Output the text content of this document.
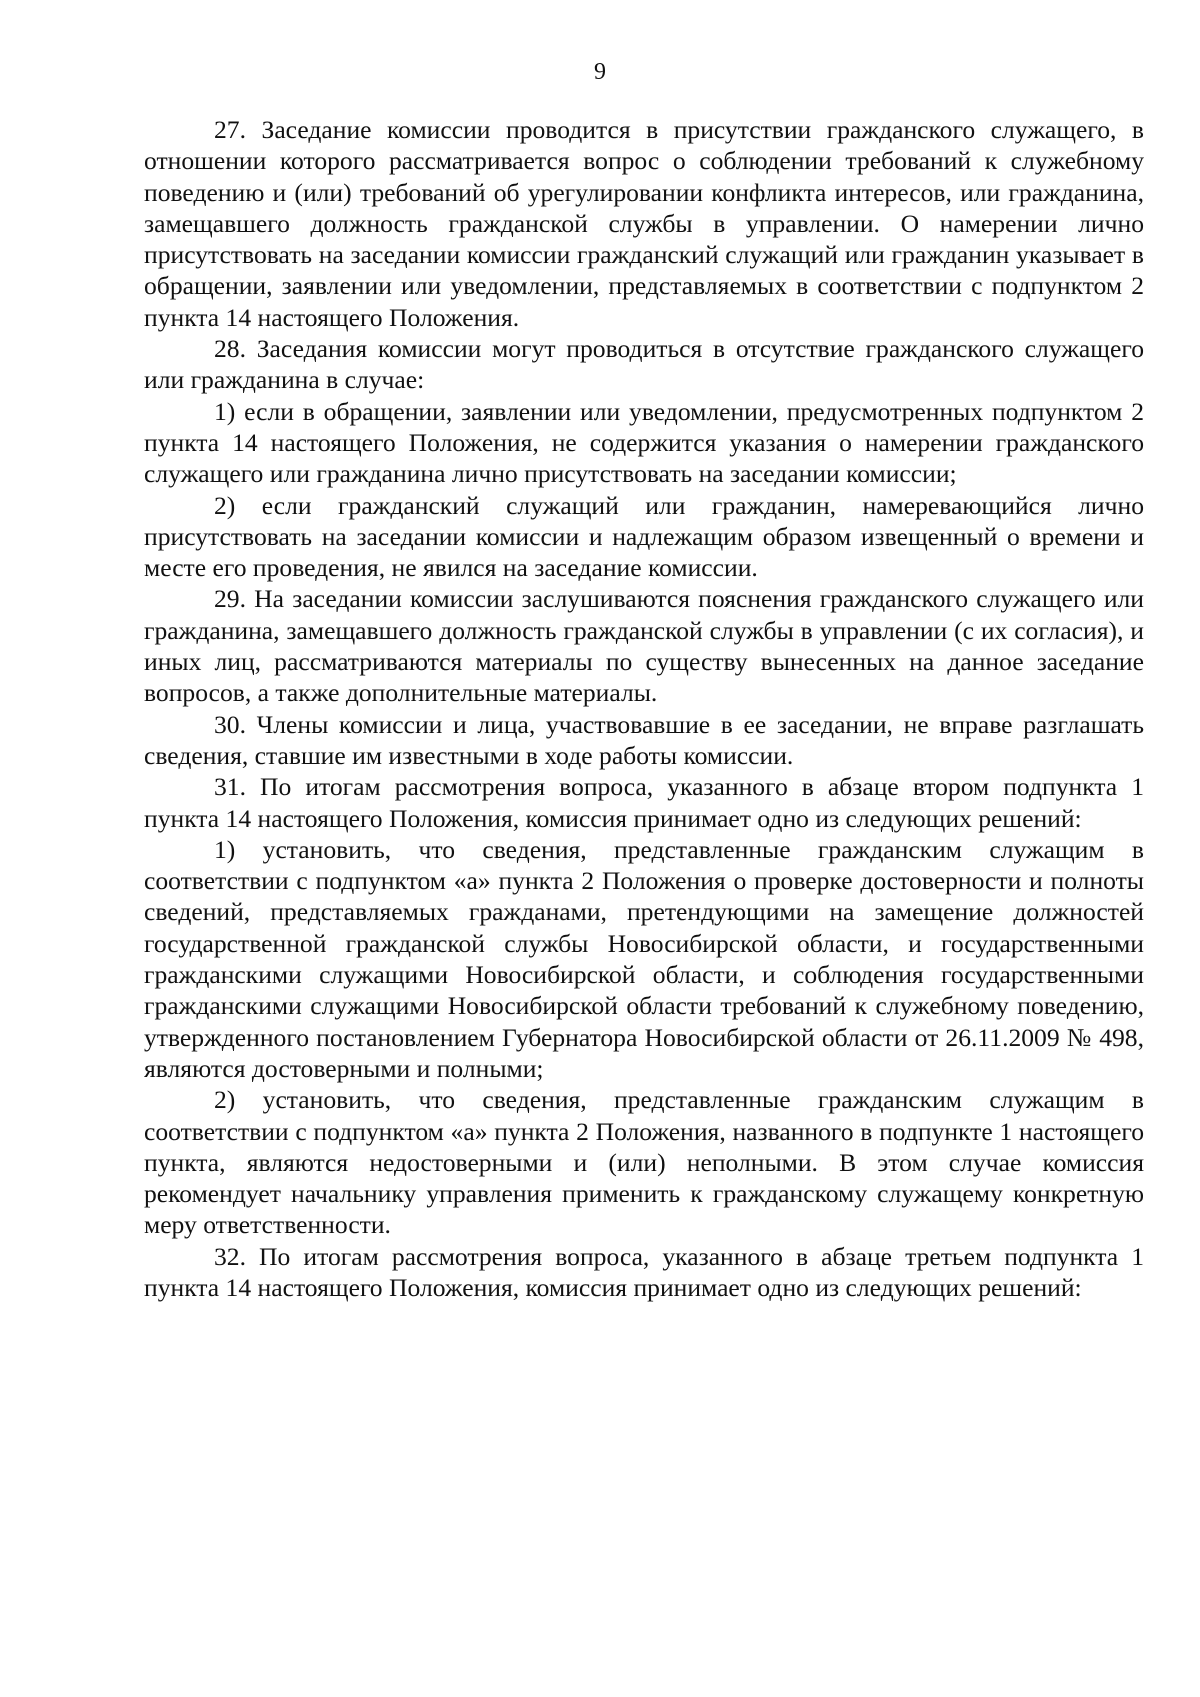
9

27. Заседание комиссии проводится в присутствии гражданского служащего, в отношении которого рассматривается вопрос о соблюдении требований к служебному поведению и (или) требований об урегулировании конфликта интересов, или гражданина, замещавшего должность гражданской службы в управлении. О намерении лично присутствовать на заседании комиссии гражданский служащий или гражданин указывает в обращении, заявлении или уведомлении, представляемых в соответствии с подпунктом 2 пункта 14 настоящего Положения.

28. Заседания комиссии могут проводиться в отсутствие гражданского служащего или гражданина в случае:

1) если в обращении, заявлении или уведомлении, предусмотренных подпунктом 2 пункта 14 настоящего Положения, не содержится указания о намерении гражданского служащего или гражданина лично присутствовать на заседании комиссии;

2) если гражданский служащий или гражданин, намеревающийся лично присутствовать на заседании комиссии и надлежащим образом извещенный о времени и месте его проведения, не явился на заседание комиссии.

29. На заседании комиссии заслушиваются пояснения гражданского служащего или гражданина, замещавшего должность гражданской службы в управлении (с их согласия), и иных лиц, рассматриваются материалы по существу вынесенных на данное заседание вопросов, а также дополнительные материалы.

30. Члены комиссии и лица, участвовавшие в ее заседании, не вправе разглашать сведения, ставшие им известными в ходе работы комиссии.

31. По итогам рассмотрения вопроса, указанного в абзаце втором подпункта 1 пункта 14 настоящего Положения, комиссия принимает одно из следующих решений:

1) установить, что сведения, представленные гражданским служащим в соответствии с подпунктом «а» пункта 2 Положения о проверке достоверности и полноты сведений, представляемых гражданами, претендующими на замещение должностей государственной гражданской службы Новосибирской области, и государственными гражданскими служащими Новосибирской области, и соблюдения государственными гражданскими служащими Новосибирской области требований к служебному поведению, утвержденного постановлением Губернатора Новосибирской области от 26.11.2009 № 498, являются достоверными и полными;

2) установить, что сведения, представленные гражданским служащим в соответствии с подпунктом «а» пункта 2 Положения, названного в подпункте 1 настоящего пункта, являются недостоверными и (или) неполными. В этом случае комиссия рекомендует начальнику управления применить к гражданскому служащему конкретную меру ответственности.

32. По итогам рассмотрения вопроса, указанного в абзаце третьем подпункта 1 пункта 14 настоящего Положения, комиссия принимает одно из следующих решений:
